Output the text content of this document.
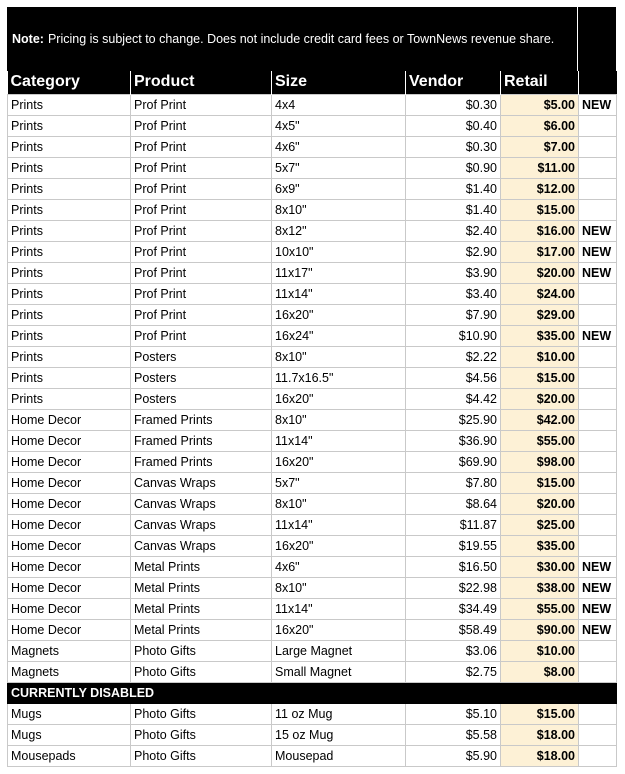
Note: Pricing is subject to change. Does not include credit card fees or TownNews revenue share.
Category	Product	Size	Vendor	Retail	
Prints	Prof Print	4x4	$0.30	$5.00	NEW
Prints	Prof Print	4x5"	$0.40	$6.00	
Prints	Prof Print	4x6"	$0.30	$7.00	
Prints	Prof Print	5x7"	$0.90	$11.00	
Prints	Prof Print	6x9"	$1.40	$12.00	
Prints	Prof Print	8x10"	$1.40	$15.00	
Prints	Prof Print	8x12"	$2.40	$16.00	NEW
Prints	Prof Print	10x10"	$2.90	$17.00	NEW
Prints	Prof Print	11x17"	$3.90	$20.00	NEW
Prints	Prof Print	11x14"	$3.40	$24.00	
Prints	Prof Print	16x20"	$7.90	$29.00	
Prints	Prof Print	16x24"	$10.90	$35.00	NEW
Prints	Posters	8x10"	$2.22	$10.00	
Prints	Posters	11.7x16.5"	$4.56	$15.00	
Prints	Posters	16x20"	$4.42	$20.00	
Home Decor	Framed Prints	8x10"	$25.90	$42.00	
Home Decor	Framed Prints	11x14"	$36.90	$55.00	
Home Decor	Framed Prints	16x20"	$69.90	$98.00	
Home Decor	Canvas Wraps	5x7"	$7.80	$15.00	
Home Decor	Canvas Wraps	8x10"	$8.64	$20.00	
Home Decor	Canvas Wraps	11x14"	$11.87	$25.00	
Home Decor	Canvas Wraps	16x20"	$19.55	$35.00	
Home Decor	Metal Prints	4x6"	$16.50	$30.00	NEW
Home Decor	Metal Prints	8x10"	$22.98	$38.00	NEW
Home Decor	Metal Prints	11x14"	$34.49	$55.00	NEW
Home Decor	Metal Prints	16x20"	$58.49	$90.00	NEW
Magnets	Photo Gifts	Large Magnet	$3.06	$10.00	
Magnets	Photo Gifts	Small Magnet	$2.75	$8.00	
CURRENTLY DISABLED					
Mugs	Photo Gifts	11 oz Mug	$5.10	$15.00	
Mugs	Photo Gifts	15 oz Mug	$5.58	$18.00	
Mousepads	Photo Gifts	Mousepad	$5.90	$18.00	
